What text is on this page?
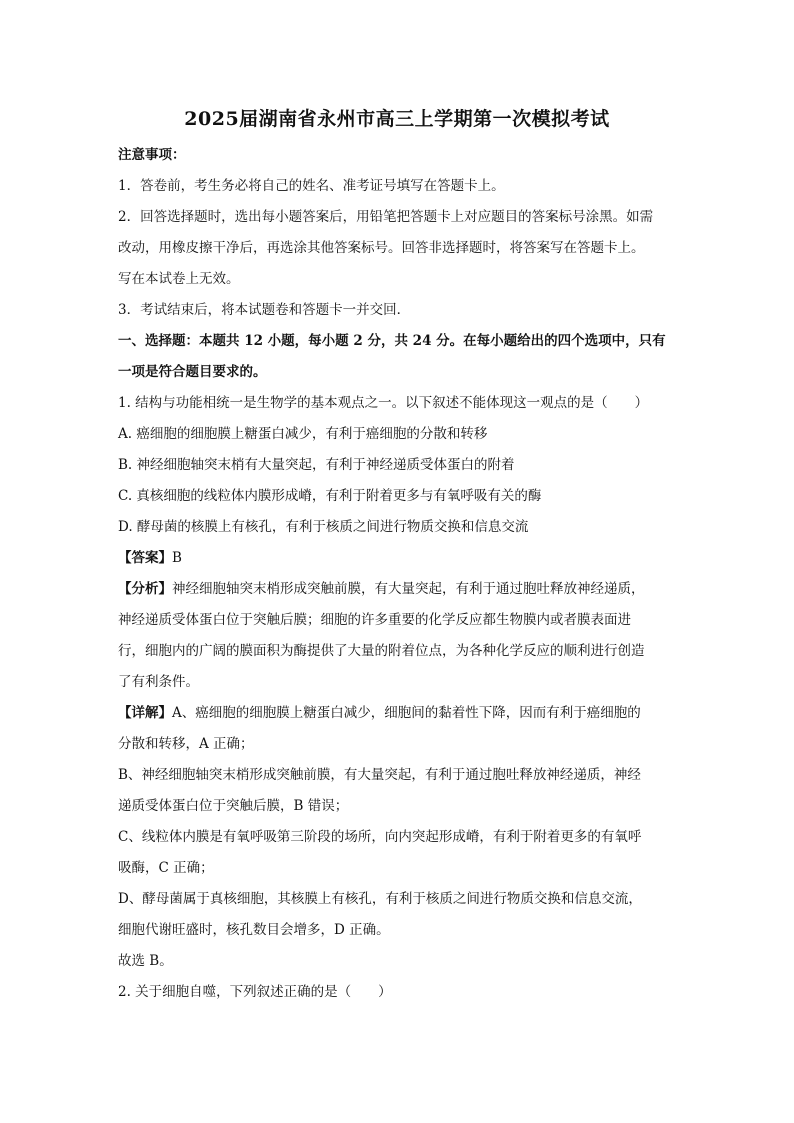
2025届湖南省永州市高三上学期第一次模拟考试
注意事项：
1．答卷前，考生务必将自己的姓名、准考证号填写在答题卡上。
2．回答选择题时，选出每小题答案后，用铅笔把答题卡上对应题目的答案标号涂黑。如需
改动，用橡皮擦干净后，再选涂其他答案标号。回答非选择题时，将答案写在答题卡上。
写在本试卷上无效。
3．考试结束后，将本试题卷和答题卡一并交回．
一、选择题：本题共 12 小题，每小题 2 分，共 24 分。在每小题给出的四个选项中，只有
一项是符合题目要求的。
1. 结构与功能相统一是生物学的基本观点之一。以下叙述不能体现这一观点的是（　　）
A. 癌细胞的细胞膜上糖蛋白减少，有利于癌细胞的分散和转移
B. 神经细胞轴突末梢有大量突起，有利于神经递质受体蛋白的附着
C. 真核细胞的线粒体内膜形成嵴，有利于附着更多与有氧呼吸有关的酶
D. 酵母菌的核膜上有核孔，有利于核质之间进行物质交换和信息交流
【答案】B
【分析】神经细胞轴突末梢形成突触前膜，有大量突起，有利于通过胞吐释放神经递质，
神经递质受体蛋白位于突触后膜；细胞的许多重要的化学反应都生物膜内或者膜表面进
行，细胞内的广阔的膜面积为酶提供了大量的附着位点，为各种化学反应的顺利进行创造
了有利条件。
【详解】A、癌细胞的细胞膜上糖蛋白减少，细胞间的黏着性下降，因而有利于癌细胞的
分散和转移，A 正确；
B、神经细胞轴突末梢形成突触前膜，有大量突起，有利于通过胞吐释放神经递质，神经
递质受体蛋白位于突触后膜，B 错误；
C、线粒体内膜是有氧呼吸第三阶段的场所，向内突起形成嵴，有利于附着更多的有氧呼
吸酶，C 正确；
D、酵母菌属于真核细胞，其核膜上有核孔，有利于核质之间进行物质交换和信息交流，
细胞代谢旺盛时，核孔数目会增多，D 正确。
故选 B。
2. 关于细胞自噬，下列叙述正确的是（　　）
